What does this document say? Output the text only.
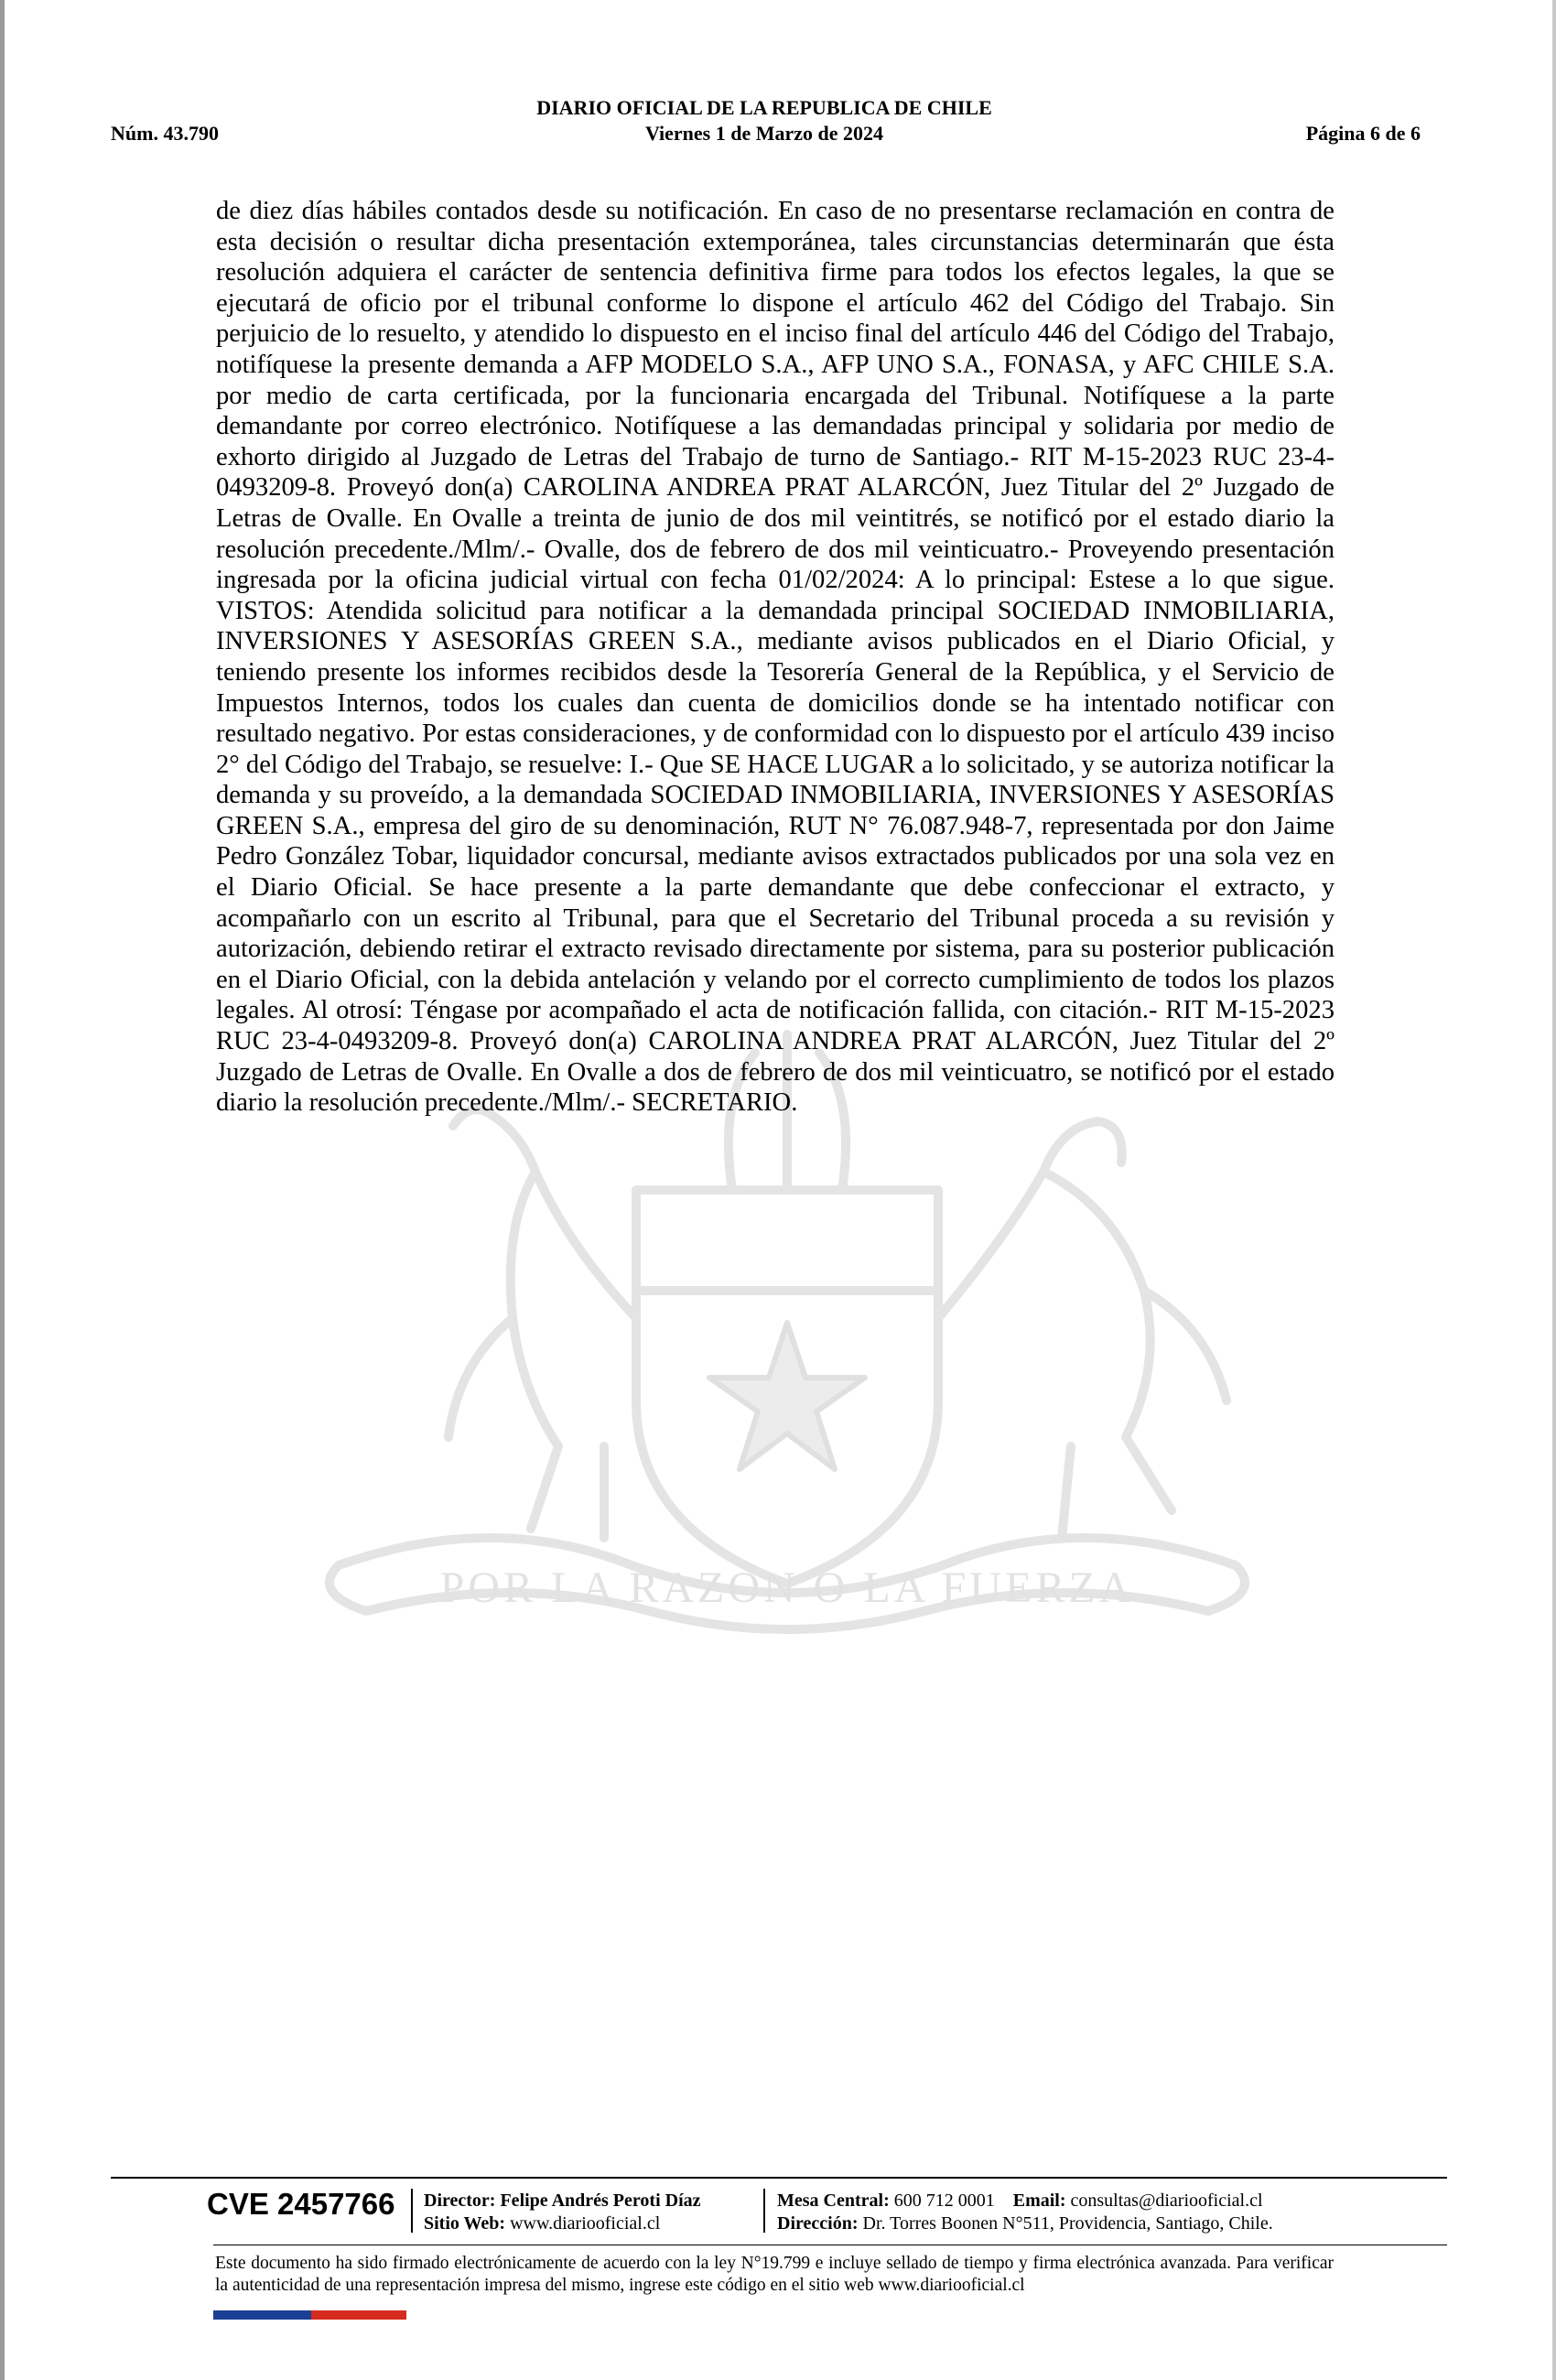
Núm. 43.790
DIARIO OFICIAL DE LA REPUBLICA DE CHILE
Viernes 1 de Marzo de 2024	Página 6 de 6
POR LA RAZON O LA FUERZA
de diez días hábiles contados desde su notificación. En caso de no presentarse reclamación en contra de esta decisión o resultar dicha presentación extemporánea, tales circunstancias determinarán que ésta resolución adquiera el carácter de sentencia definitiva firme para todos los efectos legales, la que se ejecutará de oficio por el tribunal conforme lo dispone el artículo 462 del Código del Trabajo. Sin perjuicio de lo resuelto, y atendido lo dispuesto en el inciso final del artículo 446 del Código del Trabajo, notifíquese la presente demanda a AFP MODELO S.A., AFP UNO S.A., FONASA, y AFC CHILE S.A. por medio de carta certificada, por la funcionaria encargada del Tribunal. Notifíquese a la parte demandante por correo electrónico. Notifíquese a las demandadas principal y solidaria por medio de exhorto dirigido al Juzgado de Letras del Trabajo de turno de Santiago.- RIT M-15-2023 RUC 23-4-0493209-8. Proveyó don(a) CAROLINA ANDREA PRAT ALARCÓN, Juez Titular del 2º Juzgado de Letras de Ovalle. En Ovalle a treinta de junio de dos mil veintitrés, se notificó por el estado diario la resolución precedente./Mlm/.- Ovalle, dos de febrero de dos mil veinticuatro.- Proveyendo presentación ingresada por la oficina judicial virtual con fecha 01/02/2024: A lo principal: Estese a lo que sigue. VISTOS: Atendida solicitud para notificar a la demandada principal SOCIEDAD INMOBILIARIA, INVERSIONES Y ASESORÍAS GREEN S.A., mediante avisos publicados en el Diario Oficial, y teniendo presente los informes recibidos desde la Tesorería General de la República, y el Servicio de Impuestos Internos, todos los cuales dan cuenta de domicilios donde se ha intentado notificar con resultado negativo. Por estas consideraciones, y de conformidad con lo dispuesto por el artículo 439 inciso 2° del Código del Trabajo, se resuelve: I.- Que SE HACE LUGAR a lo solicitado, y se autoriza notificar la demanda y su proveído, a la demandada SOCIEDAD INMOBILIARIA, INVERSIONES Y ASESORÍAS GREEN S.A., empresa del giro de su denominación, RUT N° 76.087.948-7, representada por don Jaime Pedro González Tobar, liquidador concursal, mediante avisos extractados publicados por una sola vez en el Diario Oficial. Se hace presente a la parte demandante que debe confeccionar el extracto, y acompañarlo con un escrito al Tribunal, para que el Secretario del Tribunal proceda a su revisión y autorización, debiendo retirar el extracto revisado directamente por sistema, para su posterior publicación en el Diario Oficial, con la debida antelación y velando por el correcto cumplimiento de todos los plazos legales. Al otrosí: Téngase por acompañado el acta de notificación fallida, con citación.- RIT M-15-2023 RUC 23-4-0493209-8. Proveyó don(a) CAROLINA ANDREA PRAT ALARCÓN, Juez Titular del 2º Juzgado de Letras de Ovalle. En Ovalle a dos de febrero de dos mil veinticuatro, se notificó por el estado diario la resolución precedente./Mlm/.- SECRETARIO.
CVE 2457766 Director: Felipe Andrés Peroti Díaz
Sitio Web: www.diariooficial.cl
Mesa Central: 600 712 0001 Email: consultas@diariooficial.cl
Dirección: Dr. Torres Boonen N°511, Providencia, Santiago, Chile.
Este documento ha sido firmado electrónicamente de acuerdo con la ley N°19.799 e incluye sellado de tiempo y firma electrónica avanzada. Para verificar la autenticidad de una representación impresa del mismo, ingrese este código en el sitio web www.diariooficial.cl
